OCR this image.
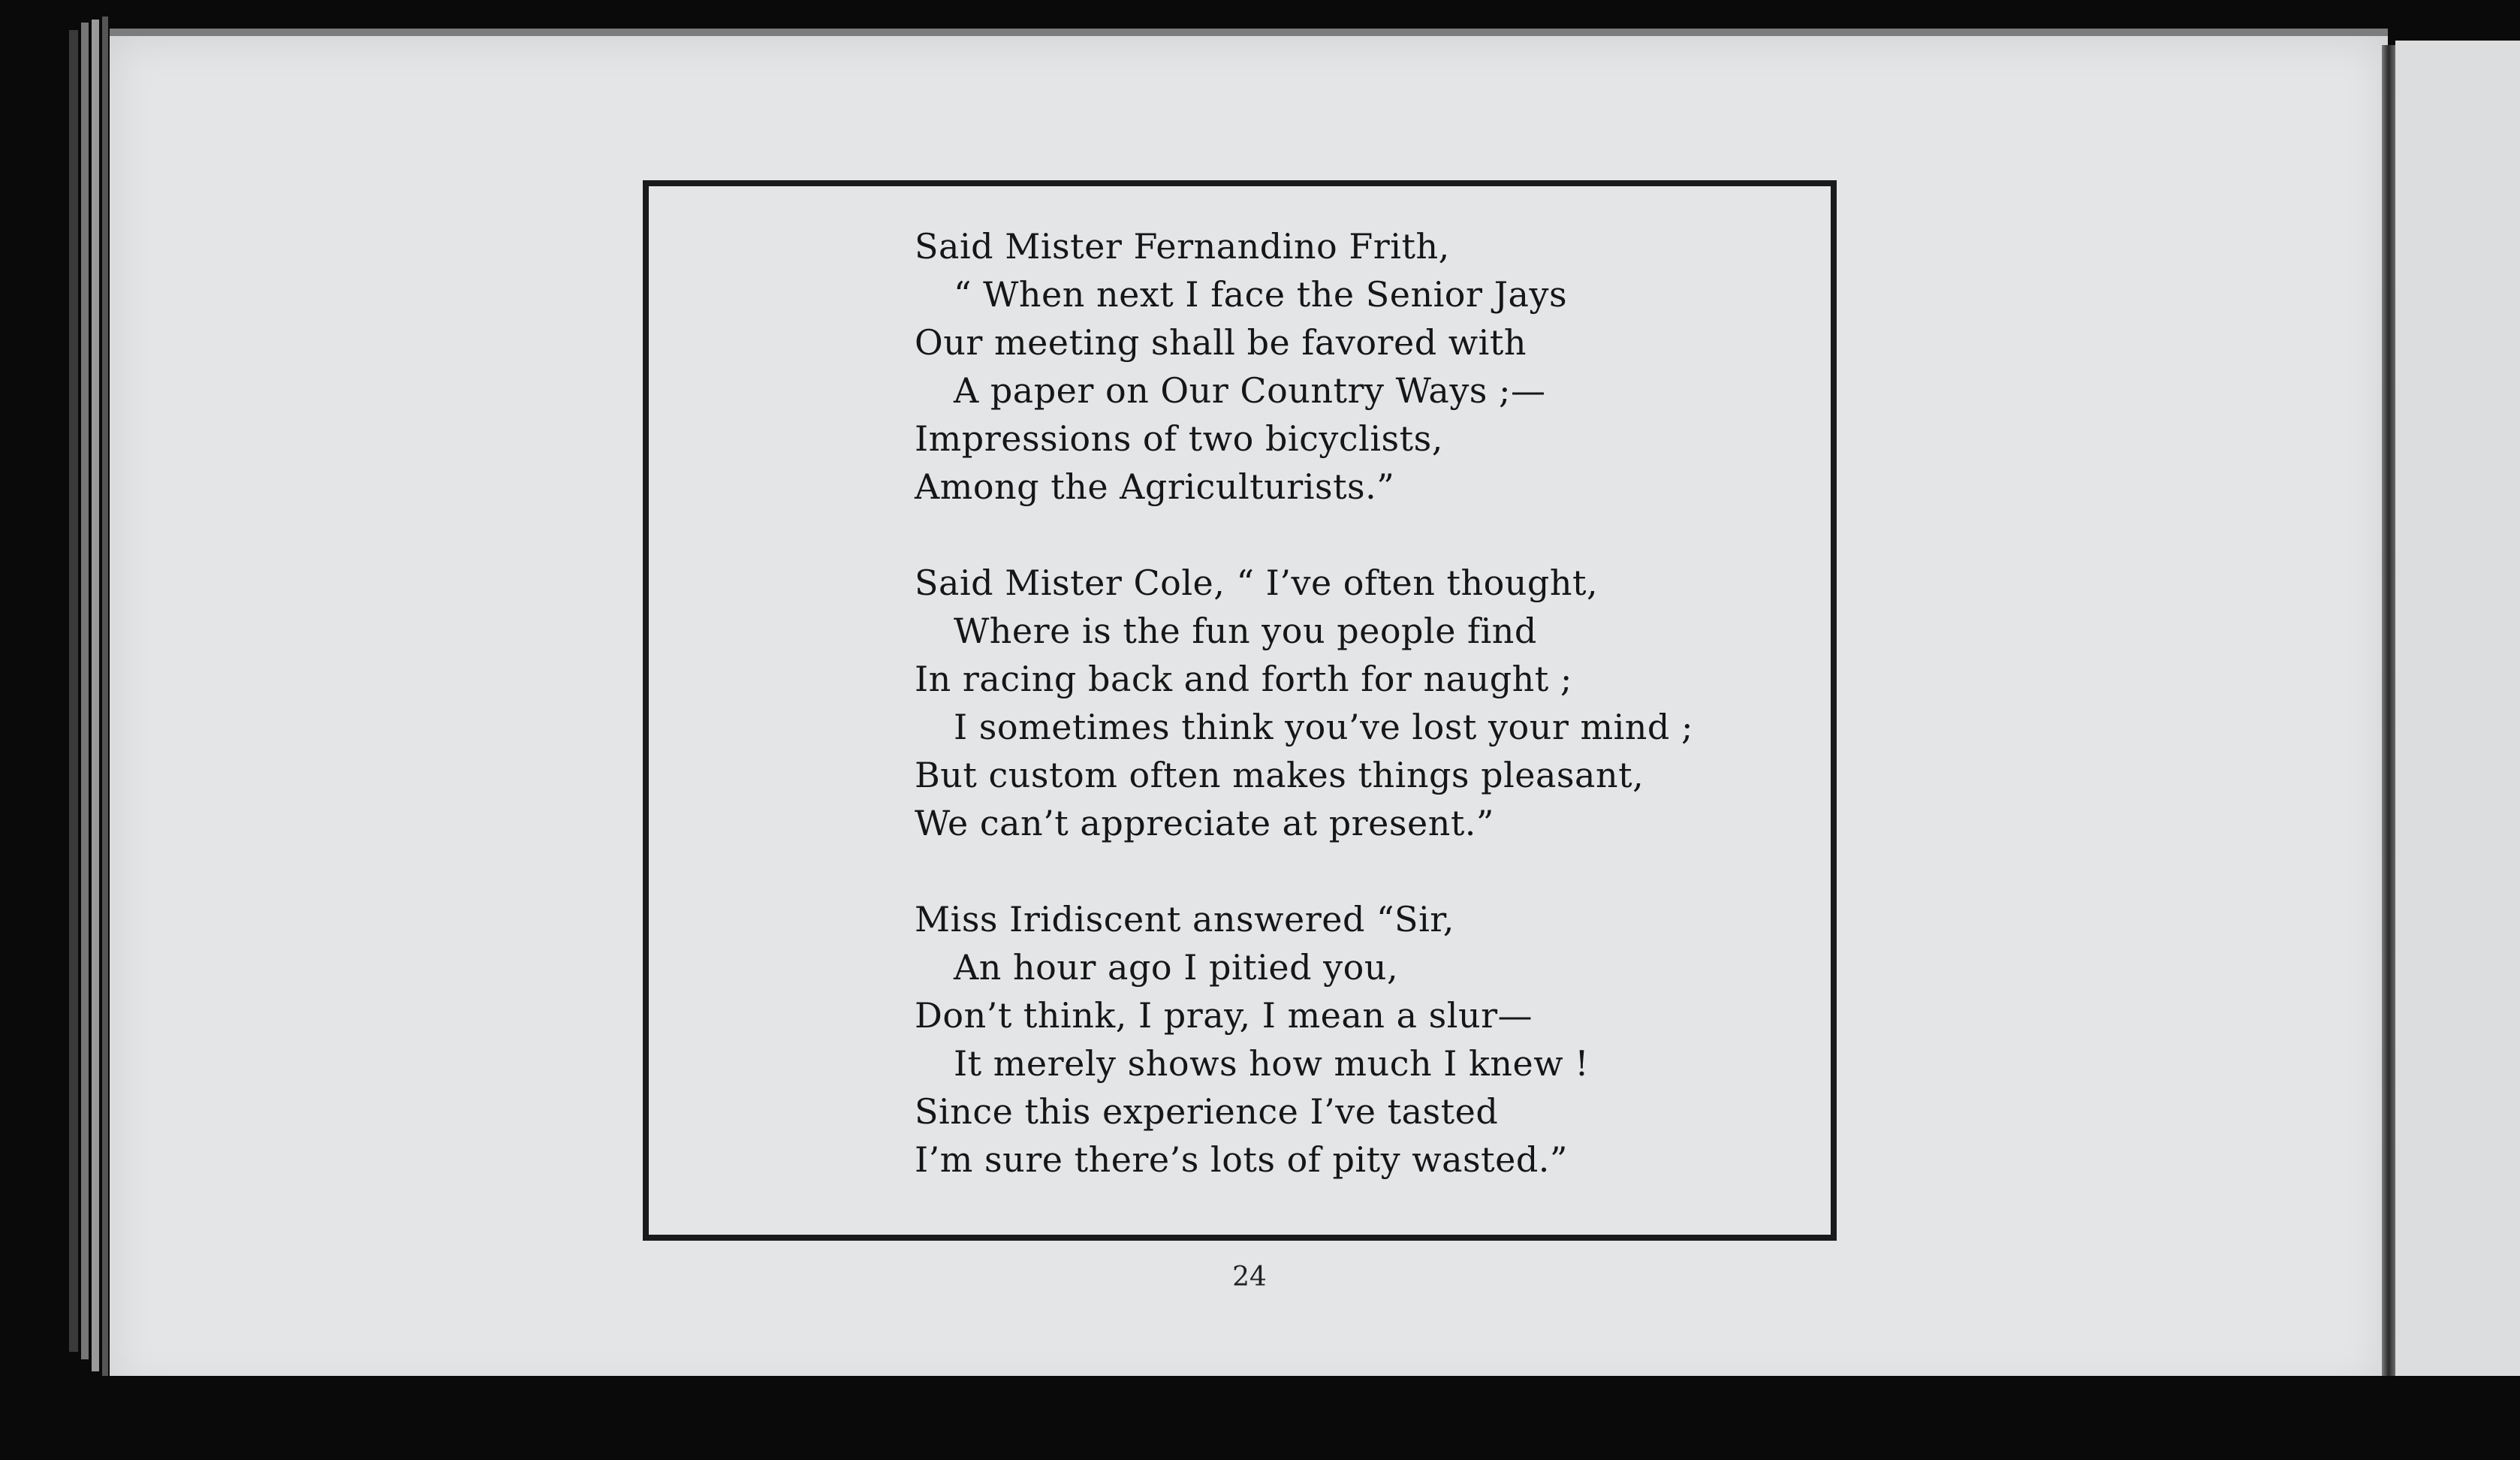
Said Mister Fernandino Frith,
“ When next I face the Senior Jays
Our meeting shall be favored with
A paper on Our Country Ways ;—
Impressions of two bicyclists,
Among the Agriculturists.”
Said Mister Cole, “ I’ve often thought,
Where is the fun you people find
In racing back and forth for naught ;
I sometimes think you’ve lost your mind ;
But custom often makes things pleasant,
We can’t appreciate at present.”
Miss Iridiscent answered “Sir,
An hour ago I pitied you,
Don’t think, I pray, I mean a slur—
It merely shows how much I knew !
Since this experience I’ve tasted
I’m sure there’s lots of pity wasted.”
24
